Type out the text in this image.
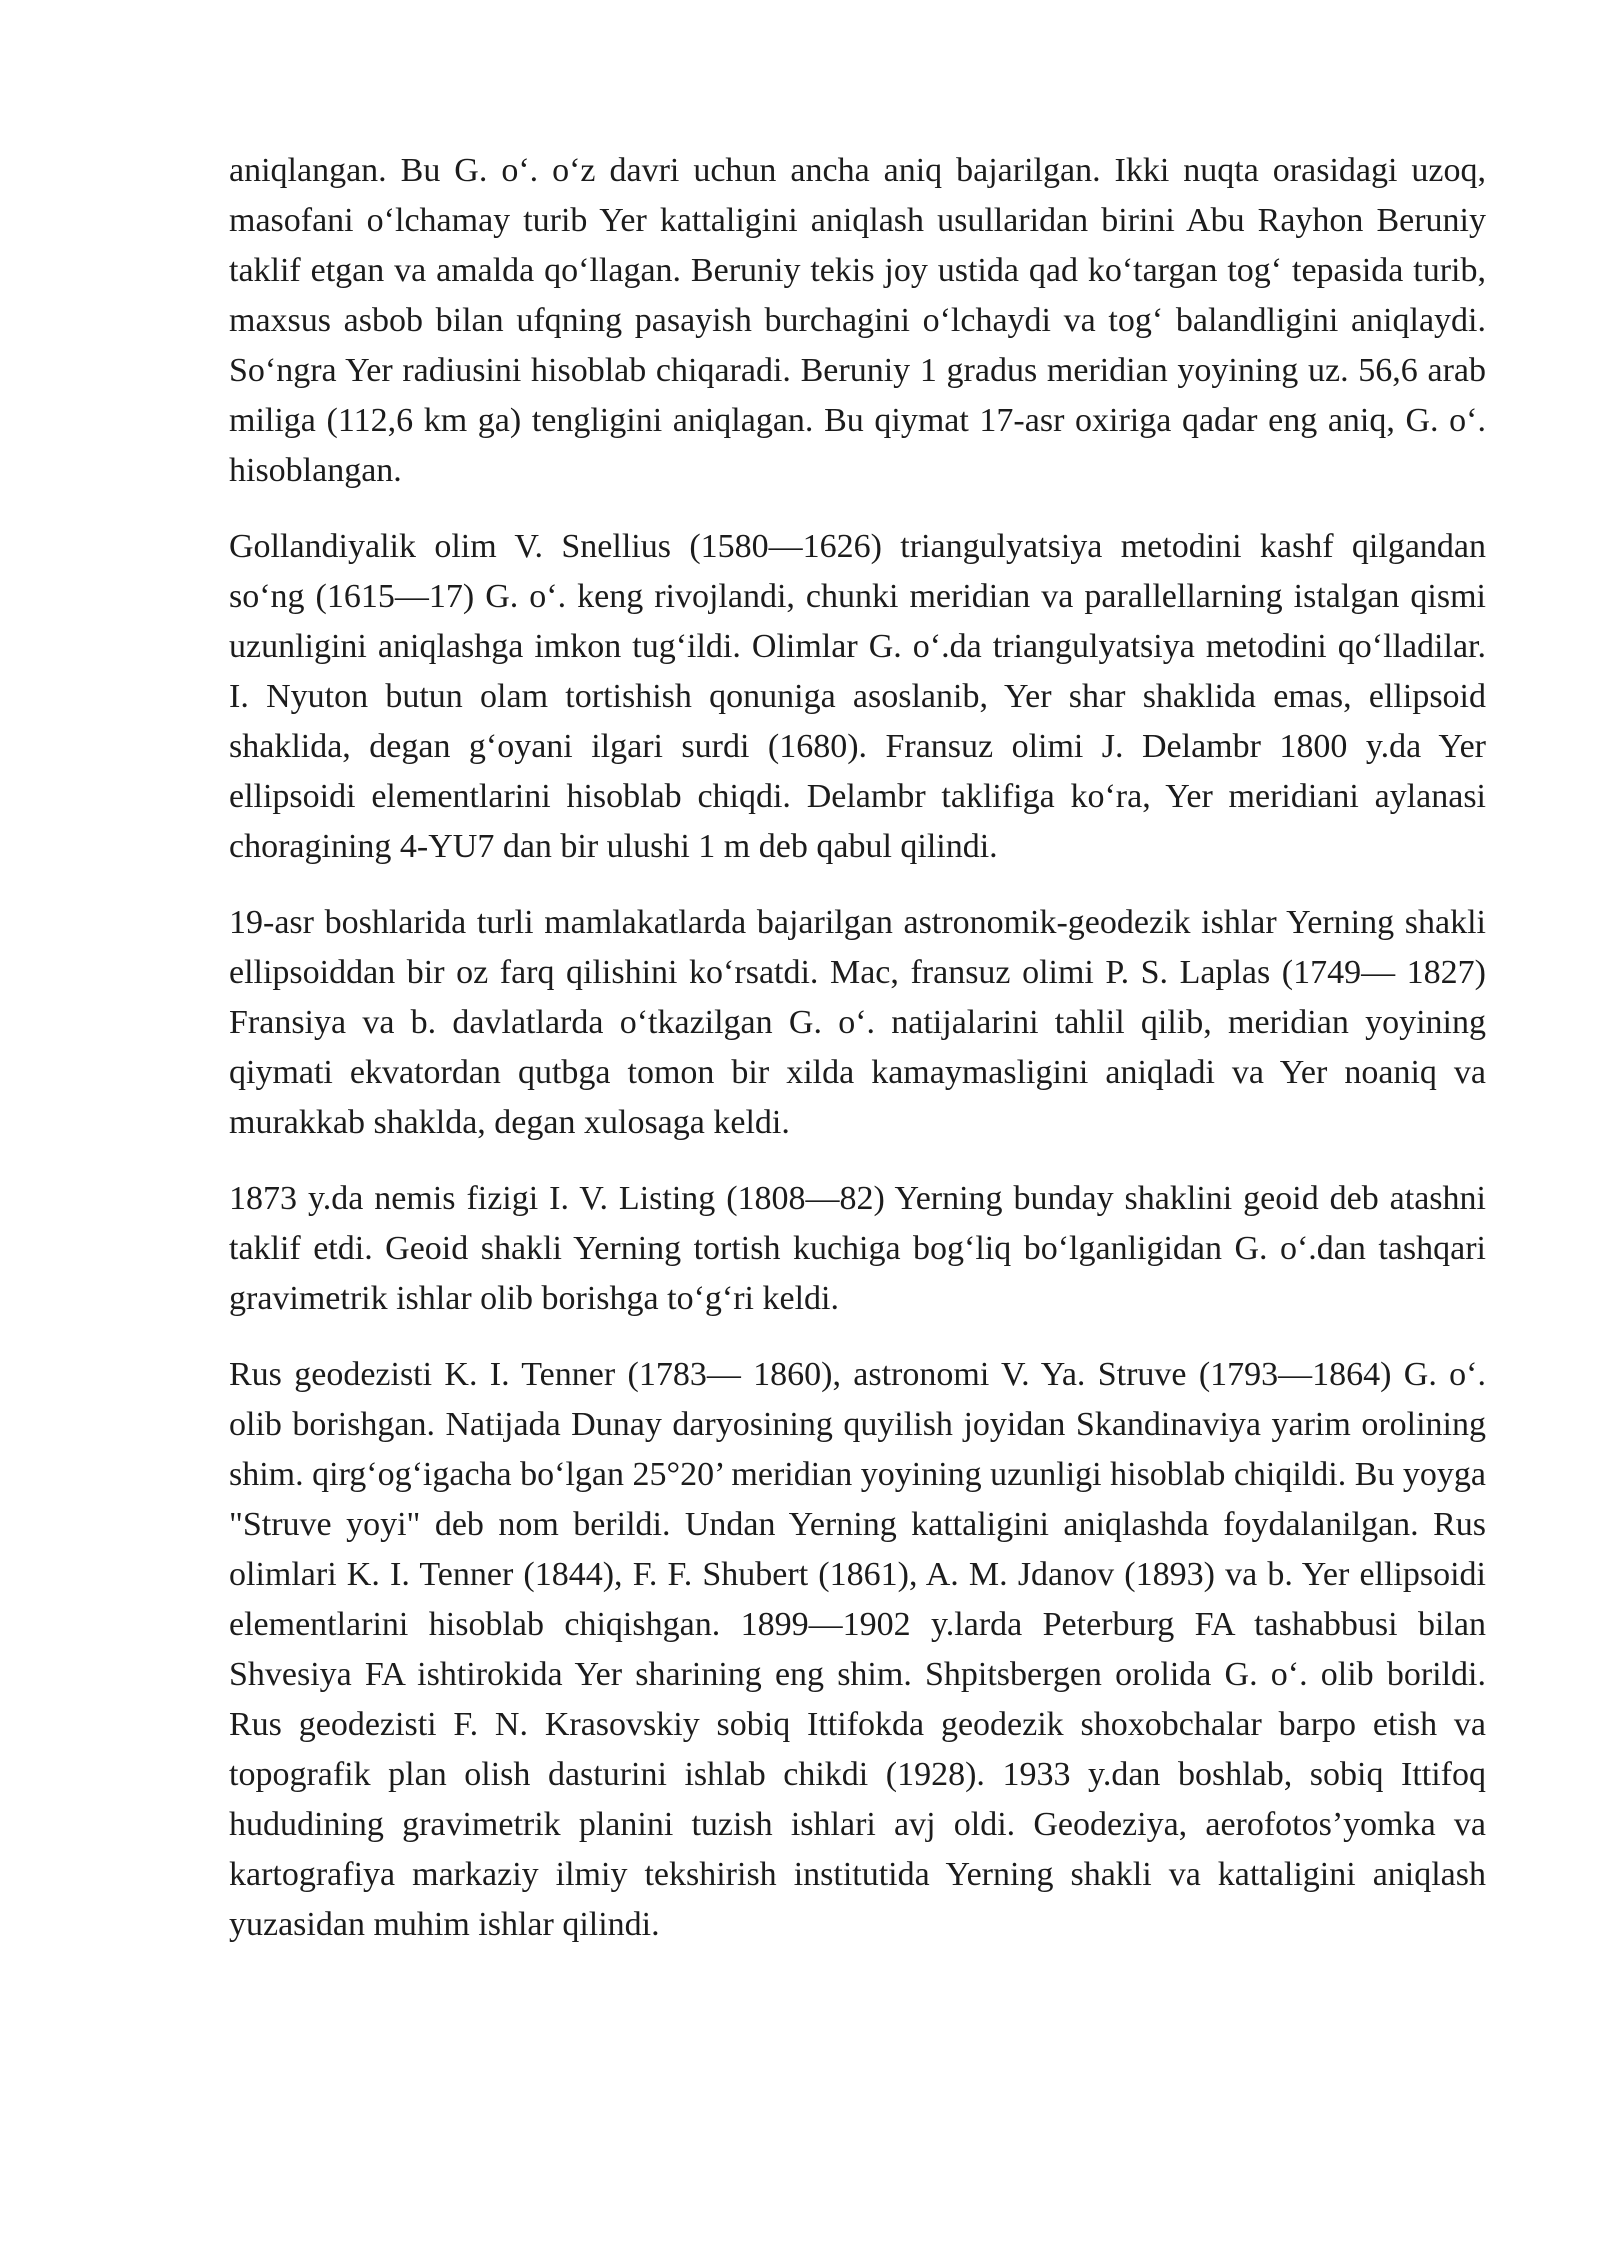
aniqlangan. Bu G. o‘. o‘z davri uchun ancha aniq bajarilgan. Ikki nuqta orasidagi uzoq, masofani o‘lchamay turib Yer kattaligini aniqlash usullaridan birini Abu Rayhon Beruniy taklif etgan va amalda qo‘llagan. Beruniy tekis joy ustida qad ko‘targan tog‘ tepasida turib, maxsus asbob bilan ufqning pasayish burchagini o‘lchaydi va tog‘ balandligini aniqlaydi. So‘ngra Yer radiusini hisoblab chiqaradi. Beruniy 1 gradus meridian yoyining uz. 56,6 arab miliga (112,6 km ga) tengligini aniqlagan. Bu qiymat 17-asr oxiriga qadar eng aniq, G. o‘. hisoblangan.

Gollandiyalik olim V. Snellius (1580—1626) triangulyatsiya metodini kashf qilgandan so‘ng (1615—17) G. o‘. keng rivojlandi, chunki meridian va parallellarning istalgan qismi uzunligini aniqlashga imkon tug‘ildi. Olimlar G. o‘.da triangulyatsiya metodini qo‘lladilar. I. Nyuton butun olam tortishish qonuniga asoslanib, Yer shar shaklida emas, ellipsoid shaklida, degan g‘oyani ilgari surdi (1680). Fransuz olimi J. Delambr 1800 y.da Yer ellipsoidi elementlarini hisoblab chiqdi. Delambr taklifiga ko‘ra, Yer meridiani aylanasi choragining 4-YU7 dan bir ulushi 1 m deb qabul qilindi.

19-asr boshlarida turli mamlakatlarda bajarilgan astronomik-geodezik ishlar Yerning shakli ellipsoiddan bir oz farq qilishini ko‘rsatdi. Mac, fransuz olimi P. S. Laplas (1749— 1827) Fransiya va b. davlatlarda o‘tkazilgan G. o‘. natijalarini tahlil qilib, meridian yoyining qiymati ekvatordan qutbga tomon bir xilda kamaymasligini aniqladi va Yer noaniq va murakkab shaklda, degan xulosaga keldi.

1873 y.da nemis fizigi I. V. Listing (1808—82) Yerning bunday shaklini geoid deb atashni taklif etdi. Geoid shakli Yerning tortish kuchiga bog‘liq bo‘lganligidan G. o‘.dan tashqari gravimetrik ishlar olib borishga to‘g‘ri keldi.

Rus geodezisti K. I. Tenner (1783— 1860), astronomi V. Ya. Struve (1793—1864) G. o‘. olib borishgan. Natijada Dunay daryosining quyilish joyidan Skandinaviya yarim orolining shim. qirg‘og‘igacha bo‘lgan 25°20’ meridian yoyining uzunligi hisoblab chiqildi. Bu yoyga "Struve yoyi" deb nom berildi. Undan Yerning kattaligini aniqlashda foydalanilgan. Rus olimlari K. I. Tenner (1844), F. F. Shubert (1861), A. M. Jdanov (1893) va b. Yer ellipsoidi elementlarini hisoblab chiqishgan. 1899—1902 y.larda Peterburg FA tashabbusi bilan Shvesiya FA ishtirokida Yer sharining eng shim. Shpitsbergen orolida G. o‘. olib borildi. Rus geodezisti F. N. Krasovskiy sobiq Ittifokda geodezik shoxobchalar barpo etish va topografik plan olish dasturini ishlab chikdi (1928). 1933 y.dan boshlab, sobiq Ittifoq hududining gravimetrik planini tuzish ishlari avj oldi. Geodeziya, aerofotos’yomka va kartografiya markaziy ilmiy tekshirish institutida Yerning shakli va kattaligini aniqlash yuzasidan muhim ishlar qilindi.
